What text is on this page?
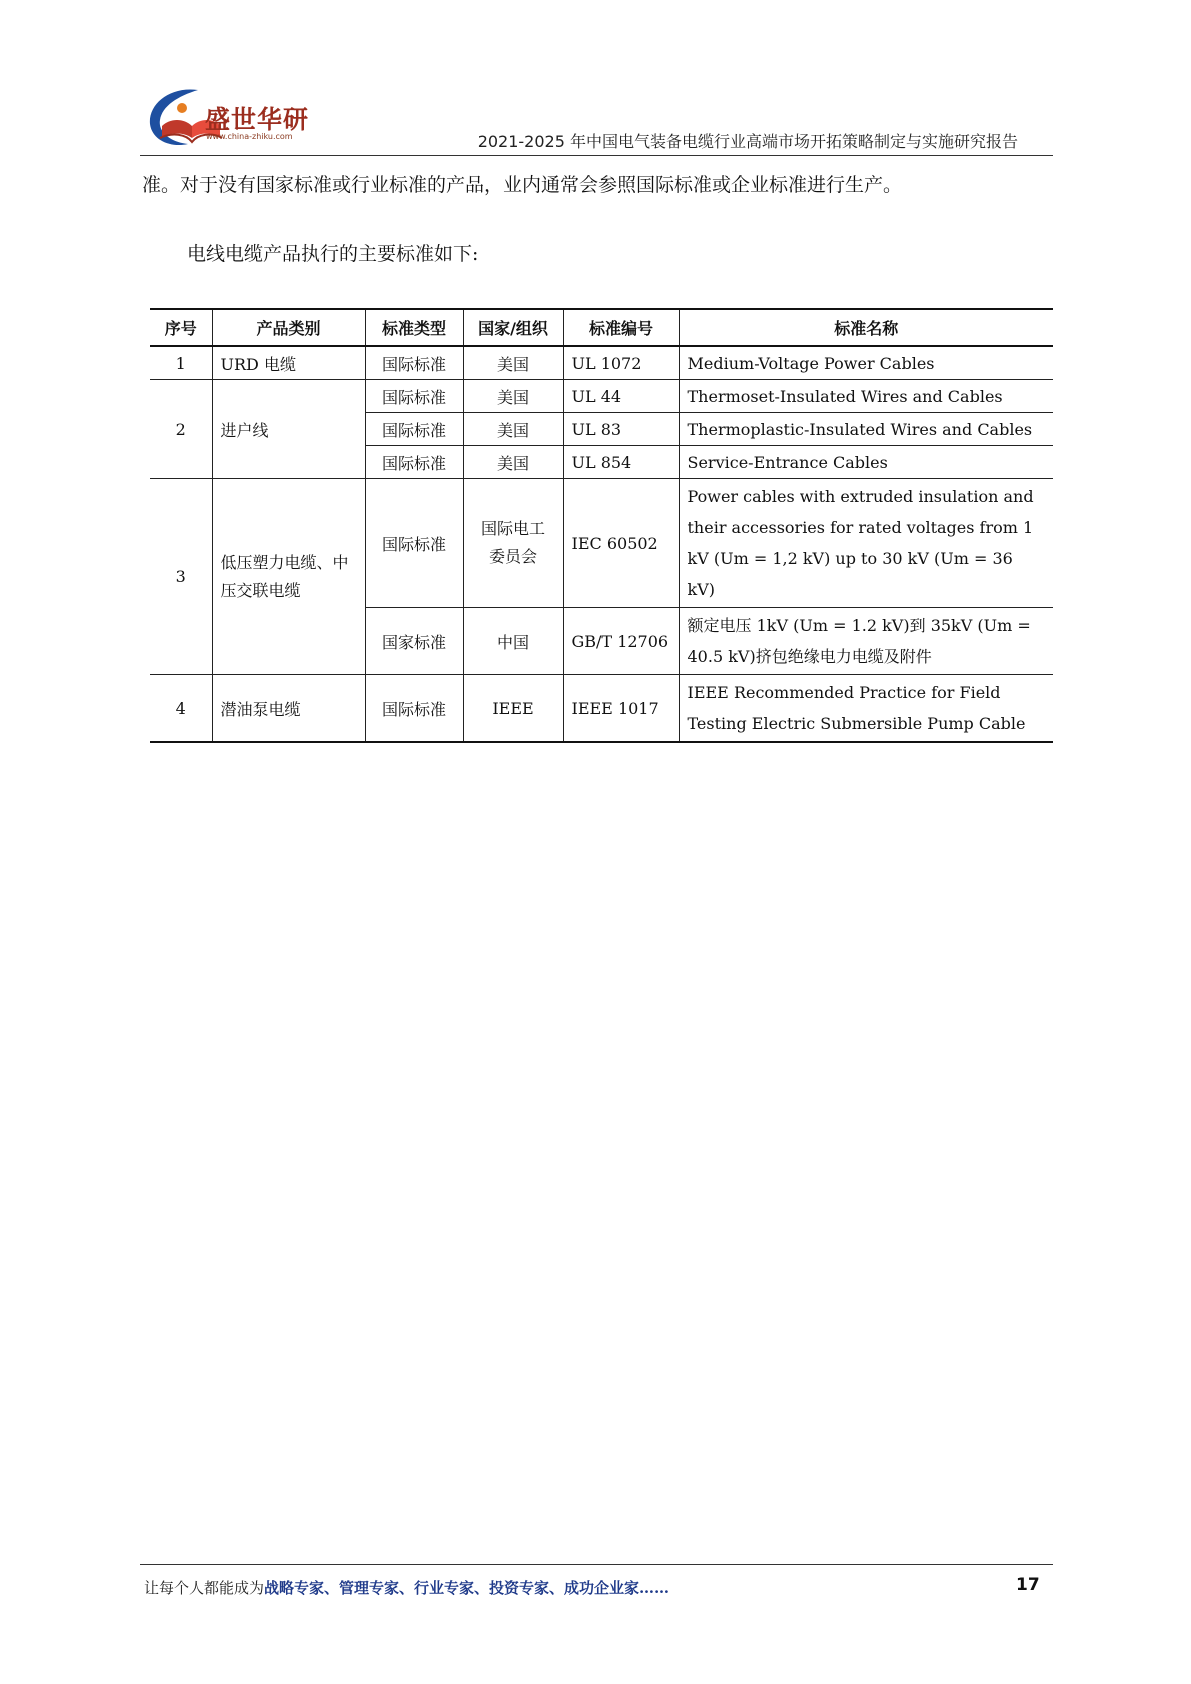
盛世华研
www.china-zhiku.com	2021-2025 年中国电气装备电缆行业高端市场开拓策略制定与实施研究报告
准。对于没有国家标准或行业标准的产品，业内通常会参照国际标准或企业标准进行生产。
电线电缆产品执行的主要标准如下:
序号	产品类别	标准类型	国家/组织	标准编号	标准名称
1	URD 电缆	国际标准	美国	UL 1072	Medium-Voltage Power Cables
2	进户线	国际标准	美国	UL 44	Thermoset-Insulated Wires and Cables
		国际标准	美国	UL 83	Thermoplastic-Insulated Wires and Cables
		国际标准	美国	UL 854	Service-Entrance Cables
3	低压塑力电缆、中压交联电缆	国际标准	国际电工委员会	IEC 60502	Power cables with extruded insulation and their accessories for rated voltages from 1 kV (Um = 1,2 kV) up to 30 kV (Um = 36 kV)
		国家标准	中国	GB/T 12706	额定电压 1kV (Um = 1.2 kV)到 35kV (Um = 40.5 kV)挤包绝缘电力电缆及附件
4	潜油泵电缆	国际标准	IEEE	IEEE 1017	IEEE Recommended Practice for Field Testing Electric Submersible Pump Cable
让每个人都能成为战略专家、管理专家、行业专家、投资专家、成功企业家……	17
